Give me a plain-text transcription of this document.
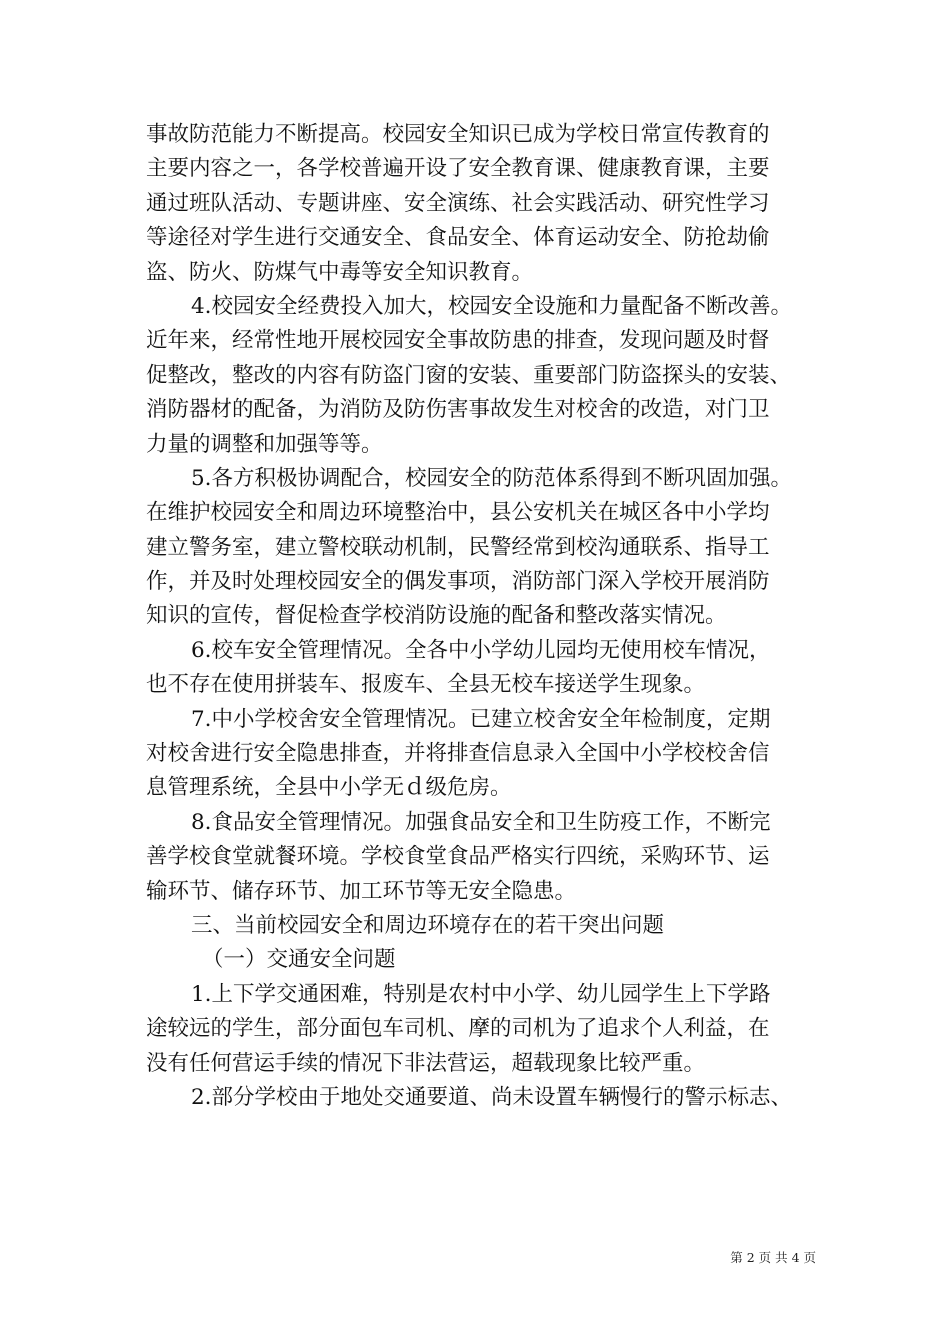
事故防范能力不断提高。校园安全知识已成为学校日常宣传教育的
主要内容之一，各学校普遍开设了安全教育课、健康教育课，主要
通过班队活动、专题讲座、安全演练、社会实践活动、研究性学习
等途径对学生进行交通安全、食品安全、体育运动安全、防抢劫偷
盗、防火、防煤气中毒等安全知识教育。
4.校园安全经费投入加大，校园安全设施和力量配备不断改善。
近年来，经常性地开展校园安全事故防患的排查，发现问题及时督
促整改，整改的内容有防盗门窗的安装、重要部门防盗探头的安装、
消防器材的配备，为消防及防伤害事故发生对校舍的改造，对门卫
力量的调整和加强等等。
5.各方积极协调配合，校园安全的防范体系得到不断巩固加强。
在维护校园安全和周边环境整治中，县公安机关在城区各中小学均
建立警务室，建立警校联动机制，民警经常到校沟通联系、指导工
作，并及时处理校园安全的偶发事项，消防部门深入学校开展消防
知识的宣传，督促检查学校消防设施的配备和整改落实情况。
6.校车安全管理情况。全各中小学幼儿园均无使用校车情况，
也不存在使用拼装车、报废车、全县无校车接送学生现象。
7.中小学校舍安全管理情况。已建立校舍安全年检制度，定期
对校舍进行安全隐患排查，并将排查信息录入全国中小学校校舍信
息管理系统，全县中小学无ｄ级危房。
8.食品安全管理情况。加强食品安全和卫生防疫工作，不断完
善学校食堂就餐环境。学校食堂食品严格实行四统，采购环节、运
输环节、储存环节、加工环节等无安全隐患。
三、当前校园安全和周边环境存在的若干突出问题
（一）交通安全问题
1.上下学交通困难，特别是农村中小学、幼儿园学生上下学路
途较远的学生，部分面包车司机、摩的司机为了追求个人利益，在
没有任何营运手续的情况下非法营运，超载现象比较严重。
2.部分学校由于地处交通要道、尚未设置车辆慢行的警示标志、
第 2 页 共 4 页
